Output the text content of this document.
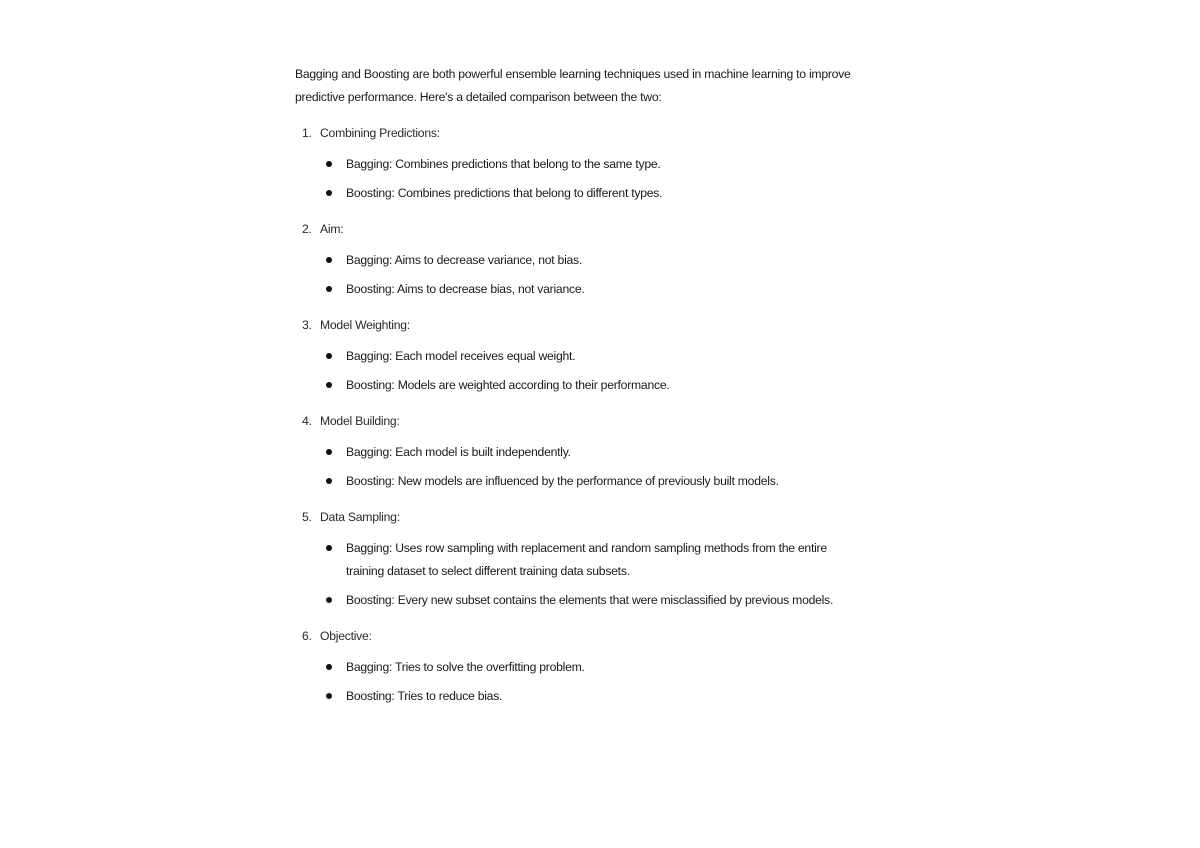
Bagging and Boosting are both powerful ensemble learning techniques used in machine learning to improve predictive performance. Here's a detailed comparison between the two:

1. Combining Predictions:
Bagging: Combines predictions that belong to the same type.
Boosting: Combines predictions that belong to different types.
2. Aim:
Bagging: Aims to decrease variance, not bias.
Boosting: Aims to decrease bias, not variance.
3. Model Weighting:
Bagging: Each model receives equal weight.
Boosting: Models are weighted according to their performance.
4. Model Building:
Bagging: Each model is built independently.
Boosting: New models are influenced by the performance of previously built models.
5. Data Sampling:
Bagging: Uses row sampling with replacement and random sampling methods from the entire training dataset to select different training data subsets.
Boosting: Every new subset contains the elements that were misclassified by previous models.
6. Objective:
Bagging: Tries to solve the overfitting problem.
Boosting: Tries to reduce bias.
